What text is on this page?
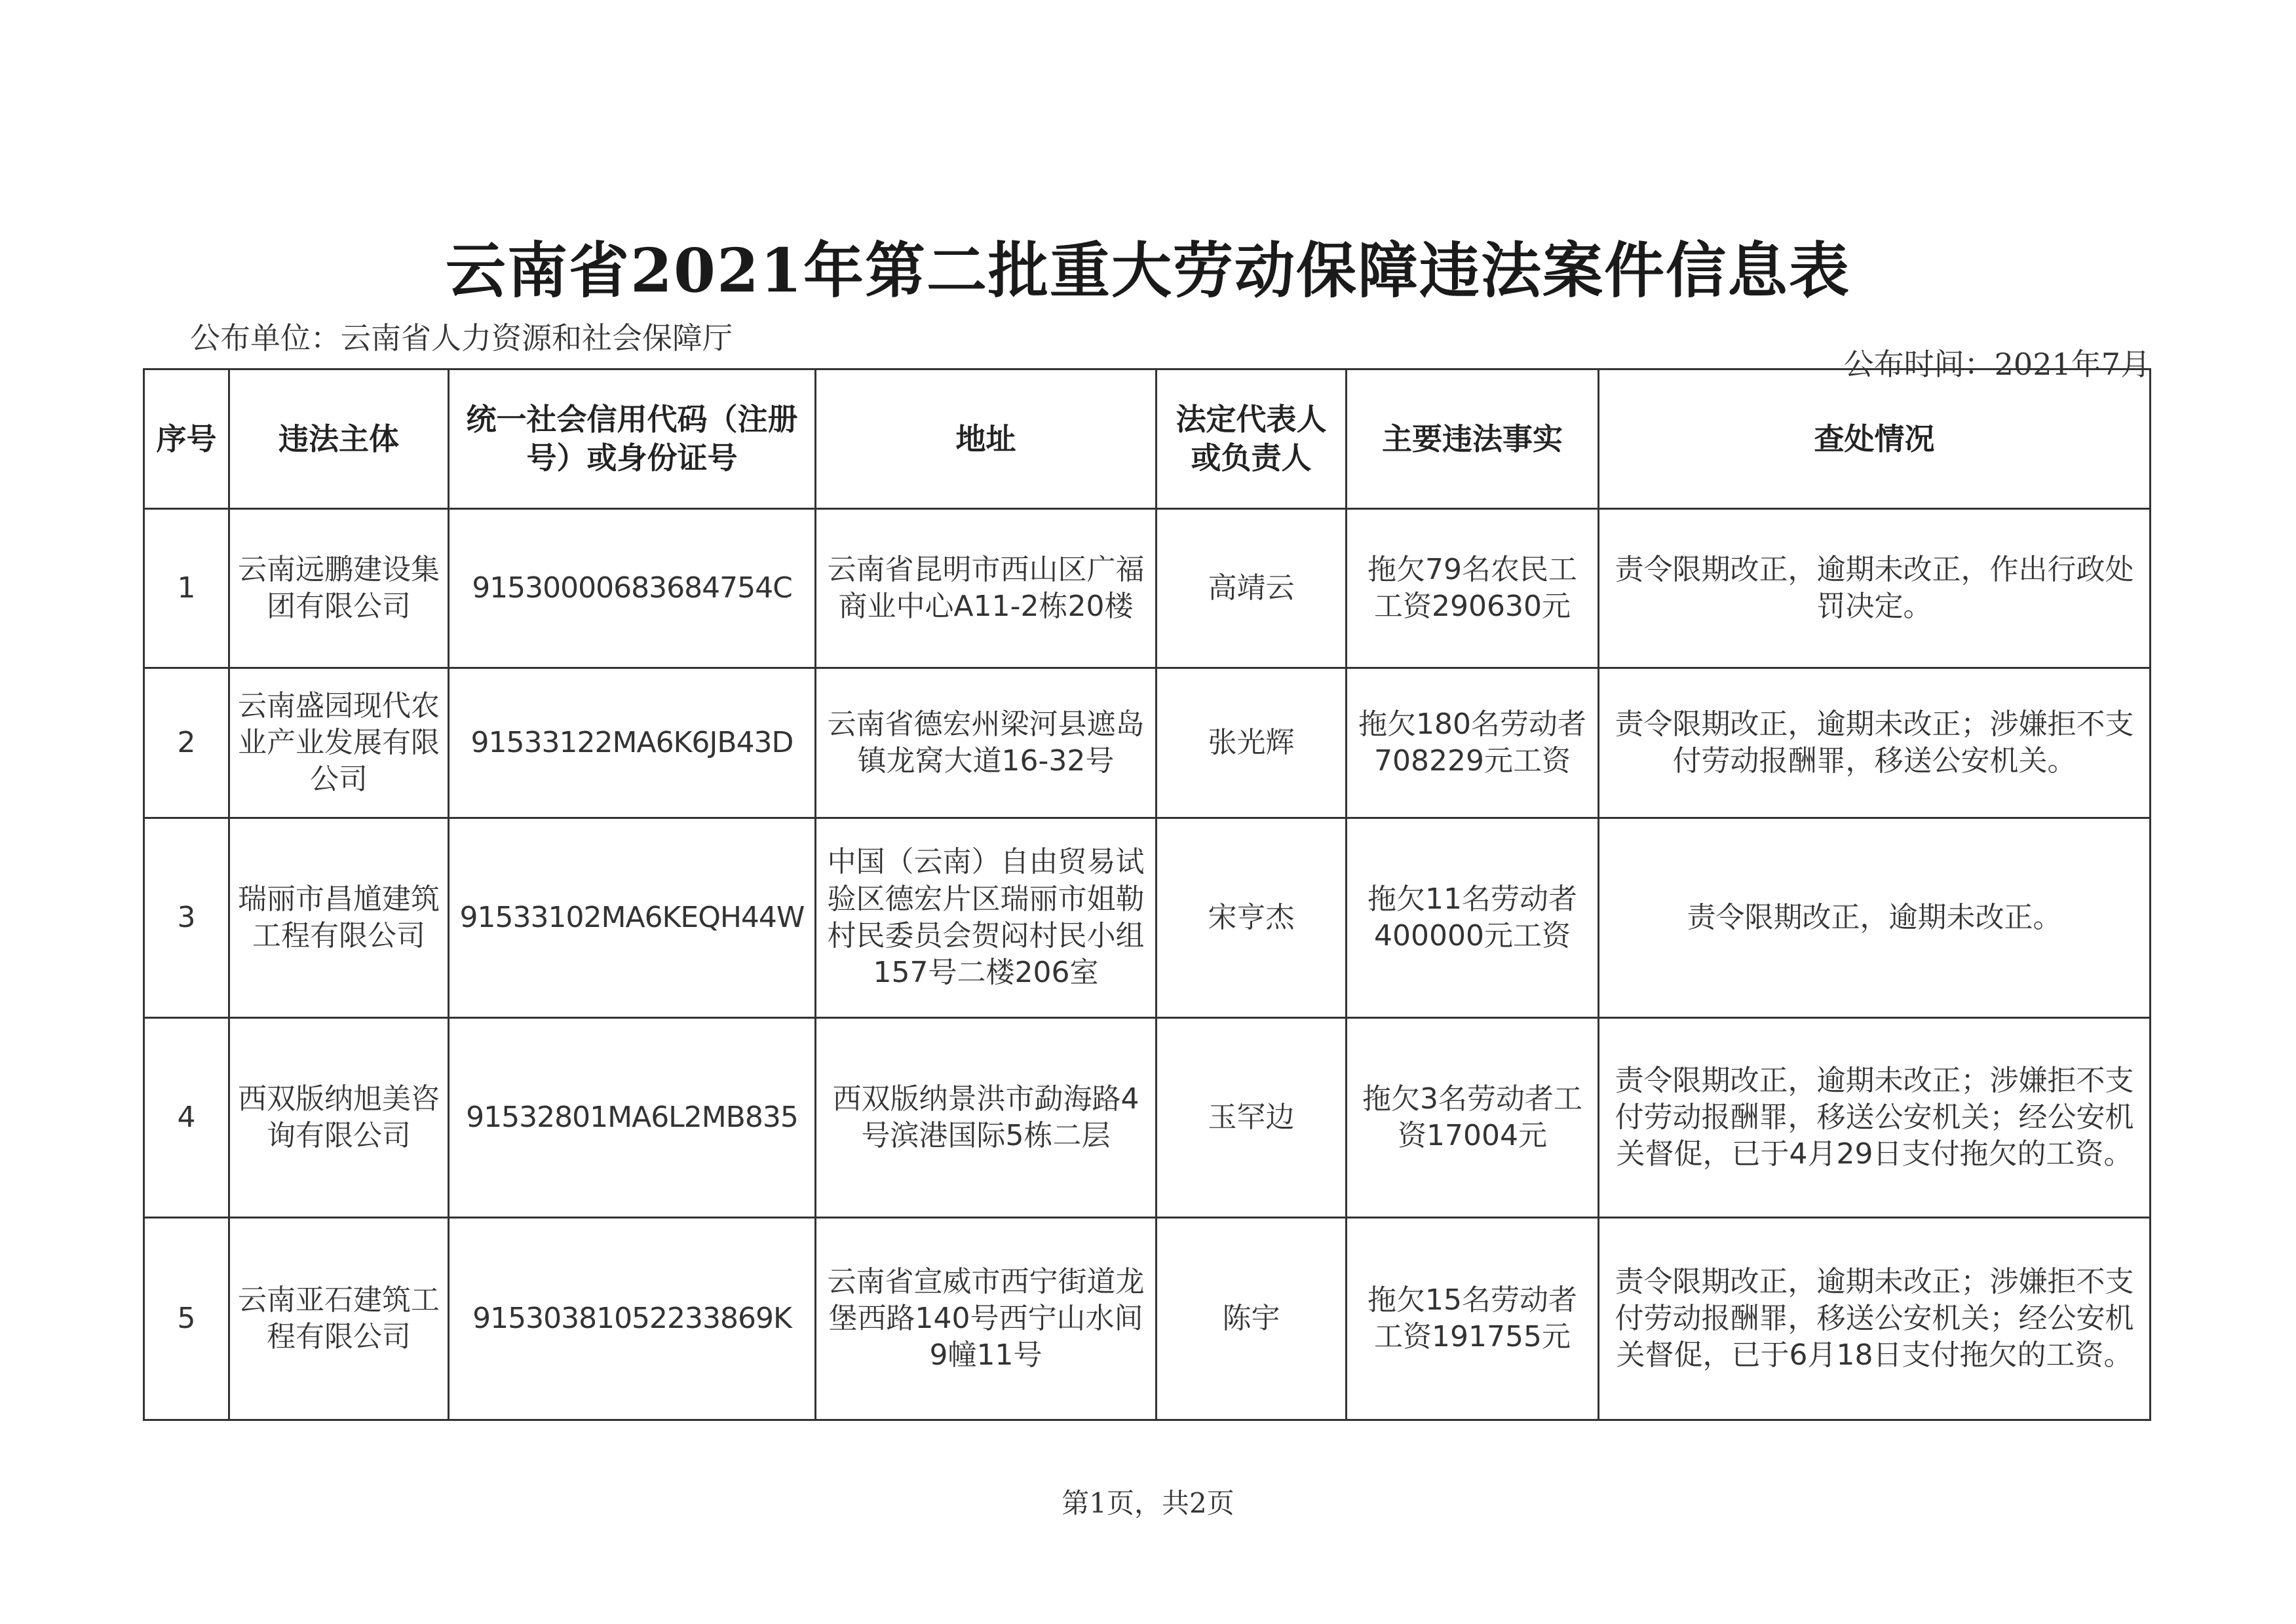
云南省2021年第二批重大劳动保障违法案件信息表
公布单位：云南省人力资源和社会保障厅
公布时间：2021年7月
序号	违法主体	统一社会信用代码（注册号）或身份证号	地址	法定代表人或负责人	主要违法事实	查处情况
1	云南远鹏建设集团有限公司	9153000068368475​4C	云南省昆明市西山区广福商业中心A11-2栋20楼	高靖云	拖欠79名农民工工资290630元	责令限期改正，逾期未改正，作出行政处罚决定。
2	云南盛园现代农业产业发展有限公司	91533122MA6K6JB43D	云南省德宏州梁河县遮岛镇龙窝大道16-32号	张光辉	拖欠180名劳动者708229元工资	责令限期改正，逾期未改正；涉嫌拒不支付劳动报酬罪，移送公安机关。
3	瑞丽市昌馗建筑工程有限公司	91533102MA6KEQH44W	中国（云南）自由贸易试验区德宏片区瑞丽市姐勒村民委员会贺闷村民小组157号二楼206室	宋亨杰	拖欠11名劳动者400000元工资	责令限期改正，逾期未改正。
4	西双版纳旭美咨询有限公司	91532801MA6L2MB835	西双版纳景洪市勐海路4号滨港国际5栋二层	玉罕边	拖欠3名劳动者工资17004元	责令限期改正，逾期未改正；涉嫌拒不支付劳动报酬罪，移送公安机关；经公安机关督促，已于4月29日支付拖欠的工资。
5	云南亚石建筑工程有限公司	91530381052233869K	云南省宣威市西宁街道龙堡西路140号西宁山水间9幢11号	陈宇	拖欠15名劳动者工资191755元	责令限期改正，逾期未改正；涉嫌拒不支付劳动报酬罪，移送公安机关；经公安机关督促，已于6月18日支付拖欠的工资。
第1页，共2页
